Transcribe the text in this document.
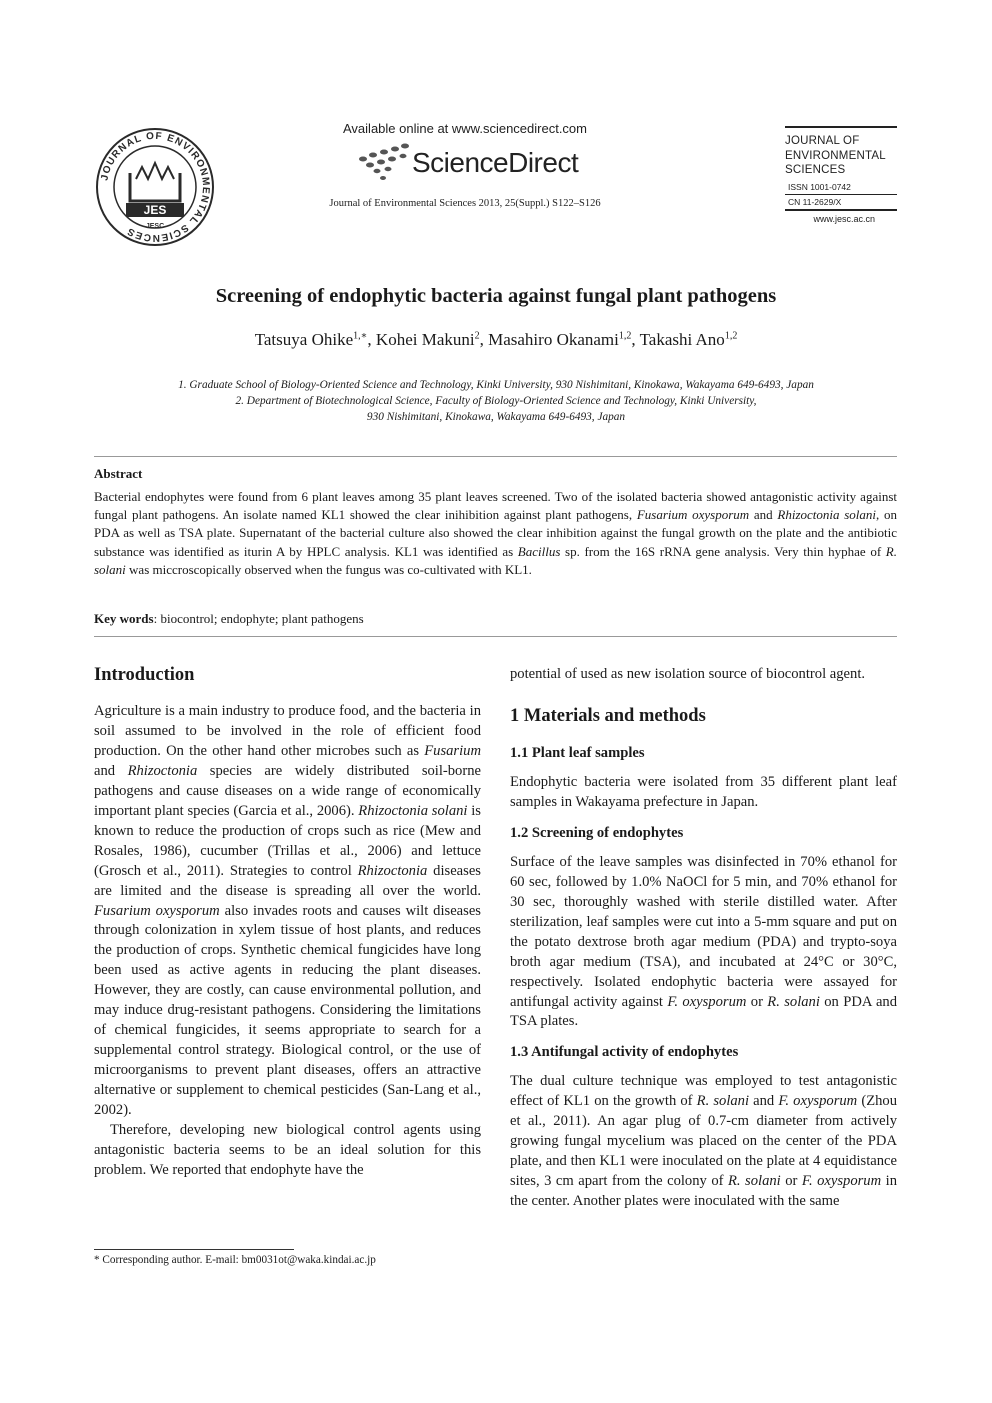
JOURNAL OF ENVIRONMENTAL SCIENCES
JES
JESC
Available online at www.sciencedirect.com
ScienceDirect
Journal of Environmental Sciences 2013, 25(Suppl.) S122–S126
JOURNAL OF
ENVIRONMENTAL
SCIENCES
ISSN 1001-0742
CN 11-2629/X
www.jesc.ac.cn
Screening of endophytic bacteria against fungal plant pathogens
Tatsuya Ohike$^{1,∗}$, Kohei Makuni$^2$, Masahiro Okanami$^{1,2}$, Takashi Ano$^{1,2}$
1. Graduate School of Biology-Oriented Science and Technology, Kinki University, 930 Nishimitani, Kinokawa, Wakayama 649-6493, Japan
2. Department of Biotechnological Science, Faculty of Biology-Oriented Science and Technology, Kinki University,
930 Nishimitani, Kinokawa, Wakayama 649-6493, Japan
Abstract
Bacterial endophytes were found from 6 plant leaves among 35 plant leaves screened. Two of the isolated bacteria showed antagonistic activity against fungal plant pathogens. An isolate named KL1 showed the clear inihibition against plant pathogens, Fusarium oxysporum and Rhizoctonia solani, on PDA as well as TSA plate. Supernatant of the bacterial culture also showed the clear inhibition against the fungal growth on the plate and the antibiotic substance was identified as iturin A by HPLC analysis. KL1 was identified as Bacillus sp. from the 16S rRNA gene analysis. Very thin hyphae of R. solani was miccroscopically observed when the fungus was co-cultivated with KL1.
Key words: biocontrol; endophyte; plant pathogens
Introduction

Agriculture is a main industry to produce food, and the bacteria in soil assumed to be involved in the role of efficient food production. On the other hand other microbes such as Fusarium and Rhizoctonia species are widely distributed soil-borne pathogens and cause diseases on a wide range of economically important plant species (Garcia et al., 2006). Rhizoctonia solani is known to reduce the production of crops such as rice (Mew and Rosales, 1986), cucumber (Trillas et al., 2006) and lettuce (Grosch et al., 2011). Strategies to control Rhizoctonia diseases are limited and the disease is spreading all over the world. Fusarium oxysporum also invades roots and causes wilt diseases through colonization in xylem tissue of host plants, and reduces the production of crops. Synthetic chemical fungicides have long been used as active agents in reducing the plant diseases. However, they are costly, can cause environmental pollution, and may induce drug-resistant pathogens. Considering the limitations of chemical fungicides, it seems appropriate to search for a supplemental control strategy. Biological control, or the use of microorganisms to prevent plant diseases, offers an attractive alternative or supplement to chemical pesticides (San-Lang et al., 2002).

Therefore, developing new biological control agents using antagonistic bacteria seems to be an ideal solution for this problem. We reported that endophyte have the

potential of used as new isolation source of biocontrol agent.

1 Materials and methods
1.1 Plant leaf samples

Endophytic bacteria were isolated from 35 different plant leaf samples in Wakayama prefecture in Japan.

1.2 Screening of endophytes

Surface of the leave samples was disinfected in 70% ethanol for 60 sec, followed by 1.0% NaOCl for 5 min, and 70% ethanol for 30 sec, thoroughly washed with sterile distilled water. After sterilization, leaf samples were cut into a 5-mm square and put on the potato dextrose broth agar medium (PDA) and trypto-soya broth agar medium (TSA), and incubated at 24°C or 30°C, respectively. Isolated endophytic bacteria were assayed for antifungal activity against F. oxysporum or R. solani on PDA and TSA plates.

1.3 Antifungal activity of endophytes

The dual culture technique was employed to test antagonistic effect of KL1 on the growth of R. solani and F. oxysporum (Zhou et al., 2011). An agar plug of 0.7-cm diameter from actively growing fungal mycelium was placed on the center of the PDA plate, and then KL1 were inoculated on the plate at 4 equidistance sites, 3 cm apart from the colony of R. solani or F. oxysporum in the center. Another plates were inoculated with the same

* Corresponding author. E-mail: bm0031ot@waka.kindai.ac.jp
